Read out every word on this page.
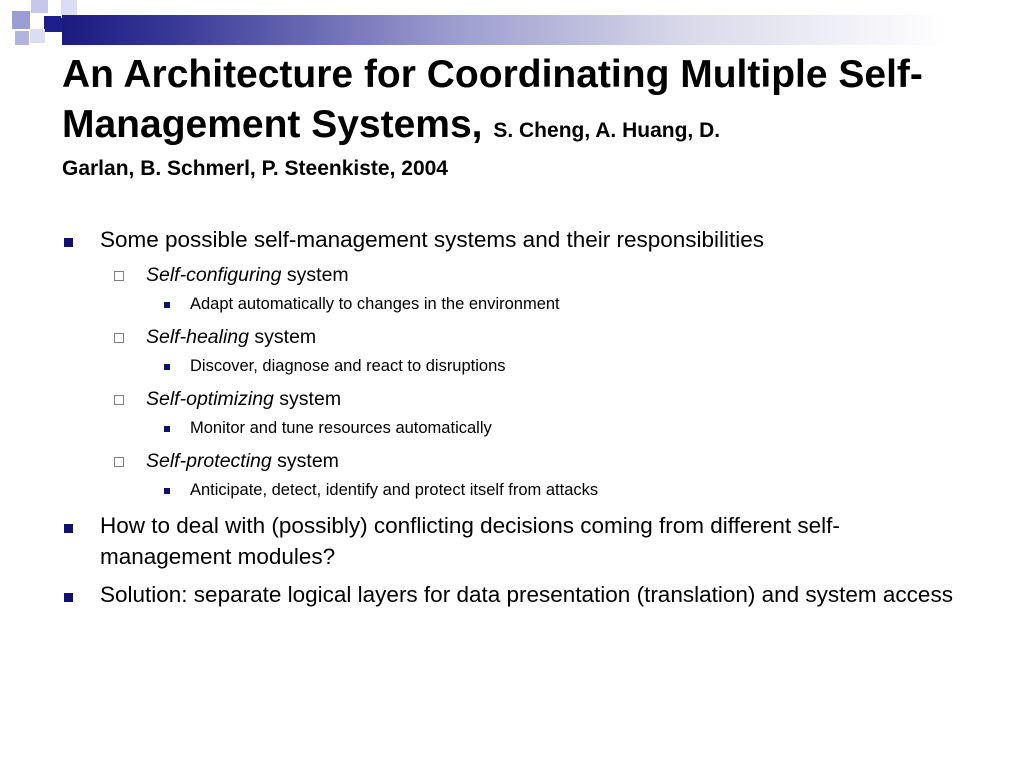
An Architecture for Coordinating Multiple Self-Management Systems, S. Cheng, A. Huang, D.
Garlan, B. Schmerl, P. Steenkiste, 2004
Some possible self-management systems and their responsibilities
Self-configuring system
Adapt automatically to changes in the environment
Self-healing system
Discover, diagnose and react to disruptions
Self-optimizing system
Monitor and tune resources automatically
Self-protecting system
Anticipate, detect, identify and protect itself from attacks
How to deal with (possibly) conflicting decisions coming from different self-management modules?
Solution: separate logical layers for data presentation (translation) and system access
